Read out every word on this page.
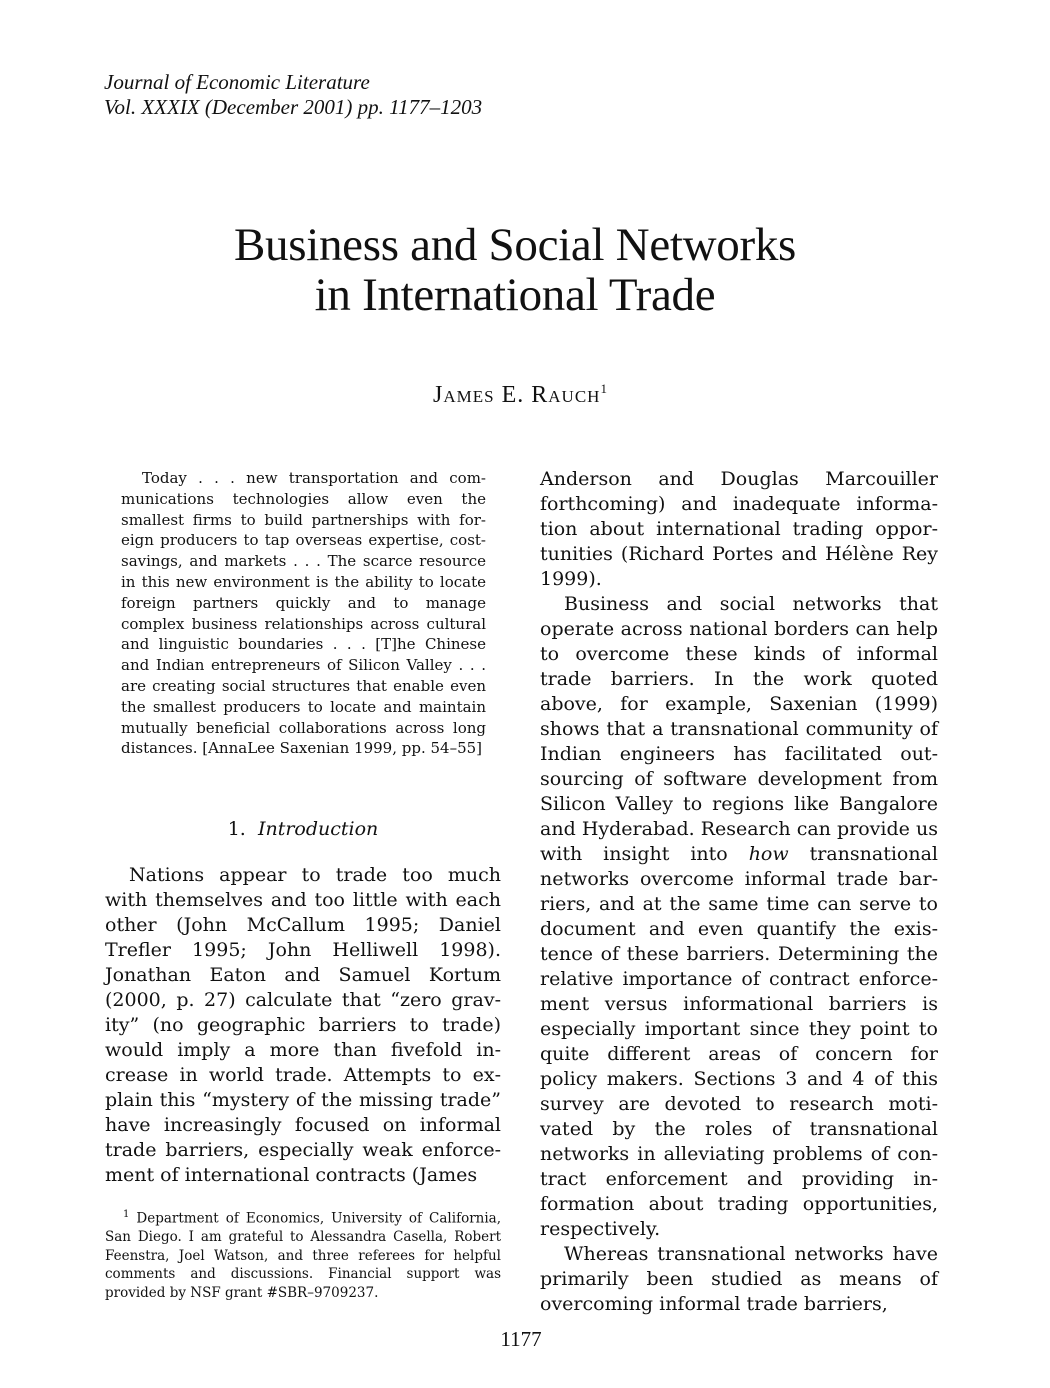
Journal of Economic Literature
Vol. XXXIX (December 2001) pp. 1177–1203
Business and Social Networks
in International Trade
James E. Rauch$^1$

Today . . . new transportation and communications technologies allow even the smallest firms to build partnerships with foreign producers to tap overseas expertise, cost-savings, and markets . . . The scarce resource in this new environment is the ability to locate foreign partners quickly and to manage complex business relationships across cultural and linguistic boundaries . . . [T]he Chinese and Indian entrepreneurs of Silicon Valley . . . are creating social structures that enable even the smallest producers to locate and maintain mutually beneficial collaborations across long distances. [AnnaLee Saxenian 1999, pp. 54–55]

1. Introduction

Nations appear to trade too much with themselves and too little with each other (John McCallum 1995; Daniel Trefler 1995; John Helliwell 1998). Jonathan Eaton and Samuel Kortum (2000, p. 27) calculate that “zero gravity” (no geographic barriers to trade) would imply a more than fivefold increase in world trade. Attempts to explain this “mystery of the missing trade” have increasingly focused on informal trade barriers, especially weak enforcement of international contracts (James

$^1$ Department of Economics, University of California, San Diego. I am grateful to Alessandra Casella, Robert Feenstra, Joel Watson, and three referees for helpful comments and discussions. Financial support was provided by NSF grant #SBR–9709237.

Anderson and Douglas Marcouiller forthcoming) and inadequate information about international trading opportunities (Richard Portes and Hélène Rey 1999).

Business and social networks that operate across national borders can help to overcome these kinds of informal trade barriers. In the work quoted above, for example, Saxenian (1999) shows that a transnational community of Indian engineers has facilitated outsourcing of software development from Silicon Valley to regions like Bangalore and Hyderabad. Research can provide us with insight into how transnational networks overcome informal trade barriers, and at the same time can serve to document and even quantify the existence of these barriers. Determining the relative importance of contract enforcement versus informational barriers is especially important since they point to quite different areas of concern for policy makers. Sections 3 and 4 of this survey are devoted to research motivated by the roles of transnational networks in alleviating problems of contract enforcement and providing information about trading opportunities, respectively.

Whereas transnational networks have primarily been studied as means of overcoming informal trade barriers,

1177
